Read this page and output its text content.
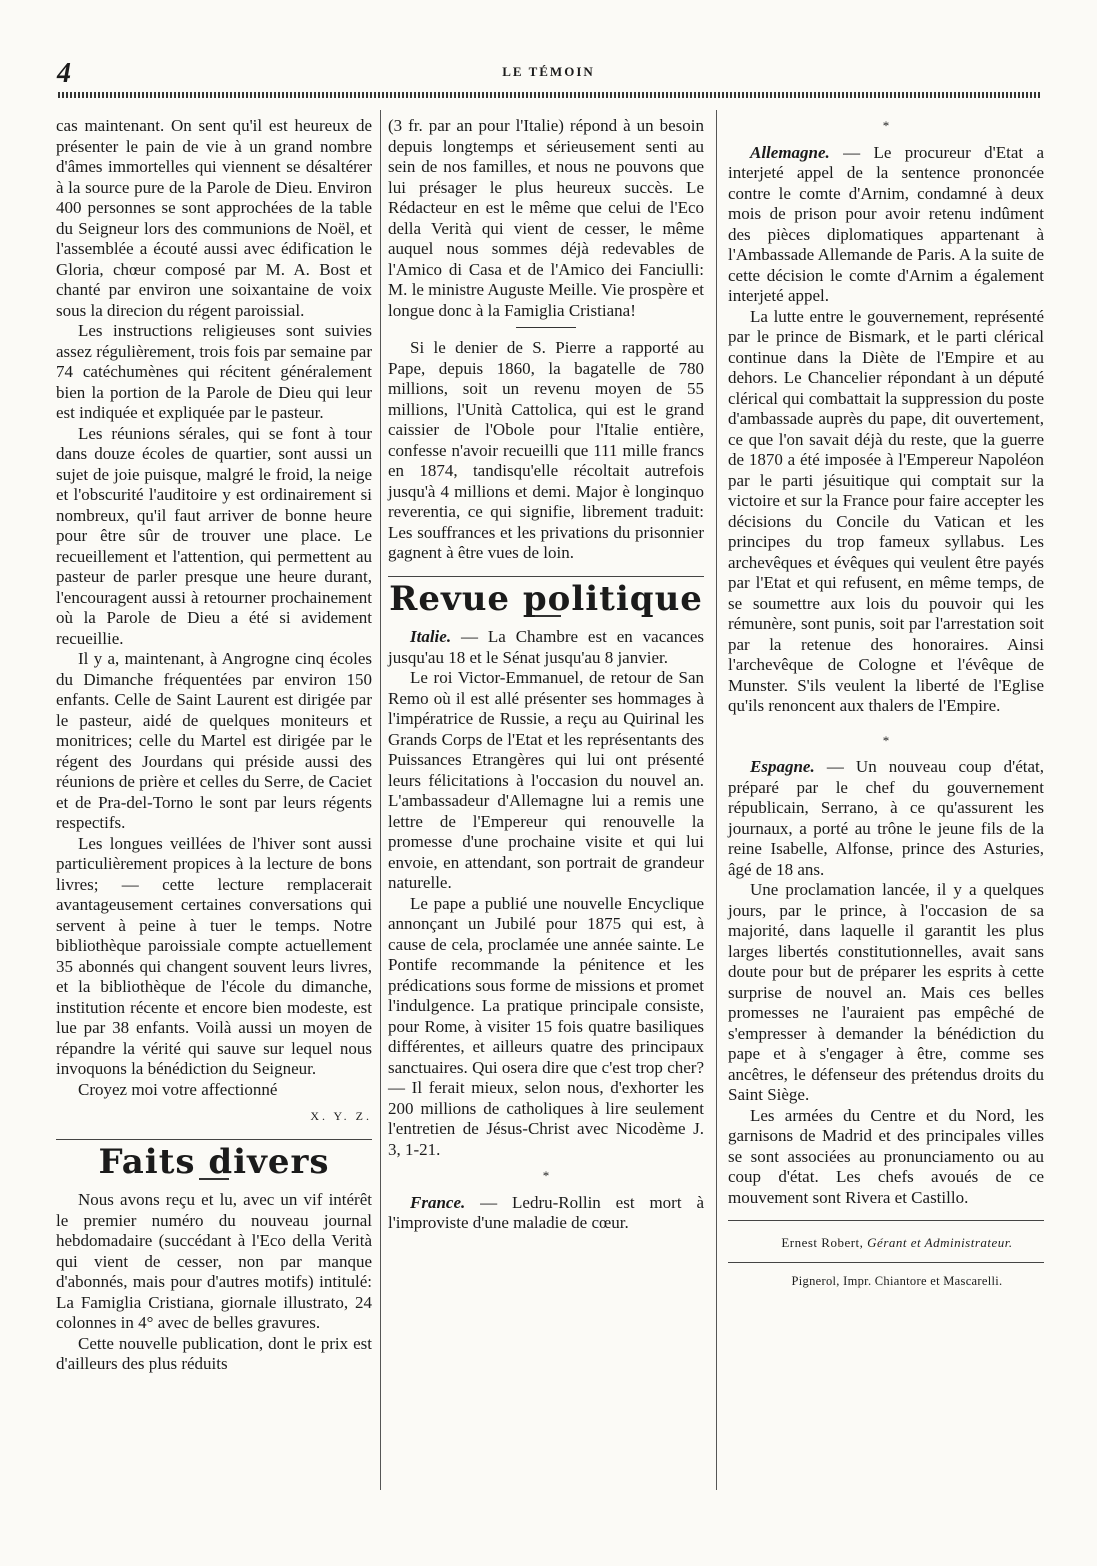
4	LE TÉMOIN

cas maintenant. On sent qu'il est heureux de présenter le pain de vie à un grand nombre d'âmes immortelles qui viennent se désaltérer à la source pure de la Parole de Dieu. Environ 400 personnes se sont approchées de la table du Seigneur lors des communions de Noël, et l'assemblée a écouté aussi avec édification le Gloria, chœur composé par M. A. Bost et chanté par environ une soixantaine de voix sous la direcion du régent paroissial.

Les instructions religieuses sont suivies assez régulièrement, trois fois par semaine par 74 catéchumènes qui récitent généralement bien la portion de la Parole de Dieu qui leur est indiquée et expliquée par le pasteur.

Les réunions sérales, qui se font à tour dans douze écoles de quartier, sont aussi un sujet de joie puisque, malgré le froid, la neige et l'obscurité l'auditoire y est ordinairement si nombreux, qu'il faut arriver de bonne heure pour être sûr de trouver une place. Le recueillement et l'attention, qui permettent au pasteur de parler presque une heure durant, l'encouragent aussi à retourner prochainement où la Parole de Dieu a été si avidement recueillie.

Il y a, maintenant, à Angrogne cinq écoles du Dimanche fréquentées par environ 150 enfants. Celle de Saint Laurent est dirigée par le pasteur, aidé de quelques moniteurs et monitrices; celle du Martel est dirigée par le régent des Jourdans qui préside aussi des réunions de prière et celles du Serre, de Caciet et de Pra-del-Torno le sont par leurs régents respectifs.

Les longues veillées de l'hiver sont aussi particulièrement propices à la lecture de bons livres; — cette lecture remplacerait avantageusement certaines conversations qui servent à peine à tuer le temps. Notre bibliothèque paroissiale compte actuellement 35 abonnés qui changent souvent leurs livres, et la bibliothèque de l'école du dimanche, institution récente et encore bien modeste, est lue par 38 enfants. Voilà aussi un moyen de répandre la vérité qui sauve sur lequel nous invoquons la bénédiction du Seigneur.

Croyez moi votre affectionné

X. Y. Z.

Faits divers

Nous avons reçu et lu, avec un vif intérêt le premier numéro du nouveau journal hebdomadaire (succédant à l'Eco della Verità qui vient de cesser, non par manque d'abonnés, mais pour d'autres motifs) intitulé: La Famiglia Cristiana, giornale illustrato, 24 colonnes in 4° avec de belles gravures.

Cette nouvelle publication, dont le prix est d'ailleurs des plus réduits

(3 fr. par an pour l'Italie) répond à un besoin depuis longtemps et sérieusement senti au sein de nos familles, et nous ne pouvons que lui présager le plus heureux succès. Le Rédacteur en est le même que celui de l'Eco della Verità qui vient de cesser, le même auquel nous sommes déjà redevables de l'Amico di Casa et de l'Amico dei Fanciulli: M. le ministre Auguste Meille. Vie prospère et longue donc à la Famiglia Cristiana!

Si le denier de S. Pierre a rapporté au Pape, depuis 1860, la bagatelle de 780 millions, soit un revenu moyen de 55 millions, l'Unità Cattolica, qui est le grand caissier de l'Obole pour l'Italie entière, confesse n'avoir recueilli que 111 mille francs en 1874, tandisqu'elle récoltait autrefois jusqu'à 4 millions et demi. Major è longinquo reverentia, ce qui signifie, librement traduit: Les souffrances et les privations du prisonnier gagnent à être vues de loin.

Revue politique

Italie. — La Chambre est en vacances jusqu'au 18 et le Sénat jusqu'au 8 janvier.

Le roi Victor-Emmanuel, de retour de San Remo où il est allé présenter ses hommages à l'impératrice de Russie, a reçu au Quirinal les Grands Corps de l'Etat et les représentants des Puissances Etrangères qui lui ont présenté leurs félicitations à l'occasion du nouvel an. L'ambassadeur d'Allemagne lui a remis une lettre de l'Empereur qui renouvelle la promesse d'une prochaine visite et qui lui envoie, en attendant, son portrait de grandeur naturelle.

Le pape a publié une nouvelle Encyclique annonçant un Jubilé pour 1875 qui est, à cause de cela, proclamée une année sainte. Le Pontife recommande la pénitence et les prédications sous forme de missions et promet l'indulgence. La pratique principale consiste, pour Rome, à visiter 15 fois quatre basiliques différentes, et ailleurs quatre des principaux sanctuaires. Qui osera dire que c'est trop cher? — Il ferait mieux, selon nous, d'exhorter les 200 millions de catholiques à lire seulement l'entretien de Jésus-Christ avec Nicodème J. 3, 1-21.

*

France. — Ledru-Rollin est mort à l'improviste d'une maladie de cœur.

*

Allemagne. — Le procureur d'Etat a interjeté appel de la sentence prononcée contre le comte d'Arnim, condamné à deux mois de prison pour avoir retenu indûment des pièces diplomatiques appartenant à l'Ambassade Allemande de Paris. A la suite de cette décision le comte d'Arnim a également interjeté appel.

La lutte entre le gouvernement, représenté par le prince de Bismark, et le parti clérical continue dans la Diète de l'Empire et au dehors. Le Chancelier répondant à un député clérical qui combattait la suppression du poste d'ambassade auprès du pape, dit ouvertement, ce que l'on savait déjà du reste, que la guerre de 1870 a été imposée à l'Empereur Napoléon par le parti jésuitique qui comptait sur la victoire et sur la France pour faire accepter les décisions du Concile du Vatican et les principes du trop fameux syllabus. Les archevêques et évêques qui veulent être payés par l'Etat et qui refusent, en même temps, de se soumettre aux lois du pouvoir qui les rémunère, sont punis, soit par l'arrestation soit par la retenue des honoraires. Ainsi l'archevêque de Cologne et l'évêque de Munster. S'ils veulent la liberté de l'Eglise qu'ils renoncent aux thalers de l'Empire.

*

Espagne. — Un nouveau coup d'état, préparé par le chef du gouvernement républicain, Serrano, à ce qu'assurent les journaux, a porté au trône le jeune fils de la reine Isabelle, Alfonse, prince des Asturies, âgé de 18 ans.

Une proclamation lancée, il y a quelques jours, par le prince, à l'occasion de sa majorité, dans laquelle il garantit les plus larges libertés constitutionnelles, avait sans doute pour but de préparer les esprits à cette surprise de nouvel an. Mais ces belles promesses ne l'auraient pas empêché de s'empresser à demander la bénédiction du pape et à s'engager à être, comme ses ancêtres, le défenseur des prétendus droits du Saint Siège.

Les armées du Centre et du Nord, les garnisons de Madrid et des principales villes se sont associées au pronunciamento ou au coup d'état. Les chefs avoués de ce mouvement sont Rivera et Castillo.

Ernest Robert, Gérant et Administrateur.

Pignerol, Impr. Chiantore et Mascarelli.
